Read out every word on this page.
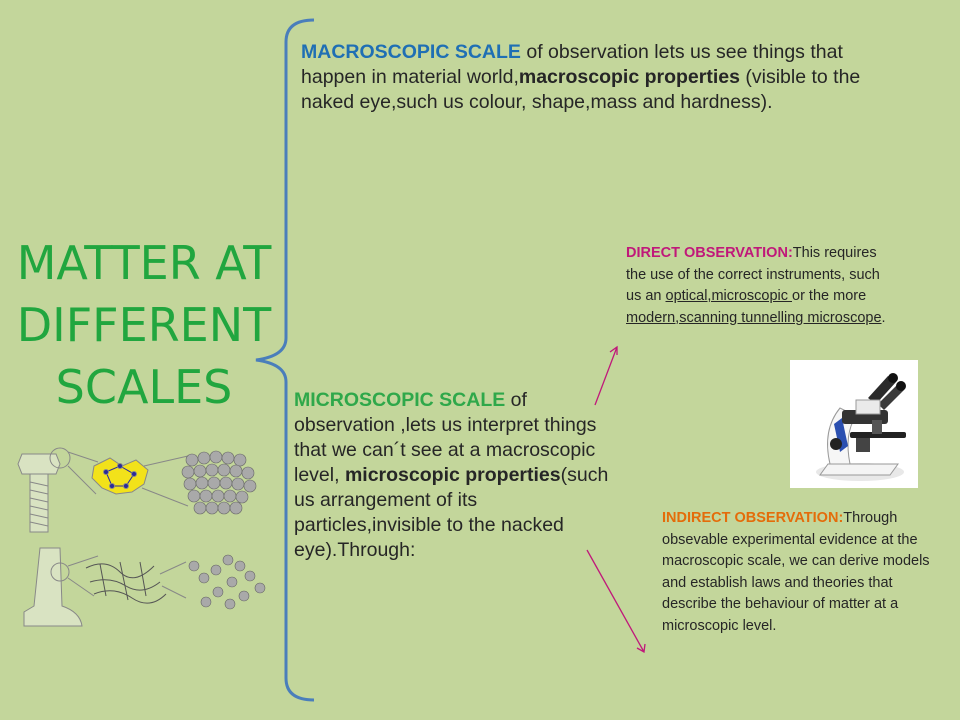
MATTER AT
DIFFERENT
SCALES
MACROSCOPIC SCALE of observation lets us see things that happen in material world,macroscopic properties (visible to the naked eye,such us colour, shape,mass and hardness).
MICROSCOPIC SCALE of observation ,lets us interpret things that we can´t see at a macroscopic level, microscopic properties(such us arrangement of its particles,invisible to the nacked eye).Through:
DIRECT OBSERVATION:This requires the use of the correct instruments, such us an optical,microscopic or the more modern,scanning tunnelling microscope.
INDIRECT OBSERVATION:Through obsevable experimental evidence at the macroscopic scale, we can derive models and establish laws and theories that describe the behaviour of matter at a microscopic level.
